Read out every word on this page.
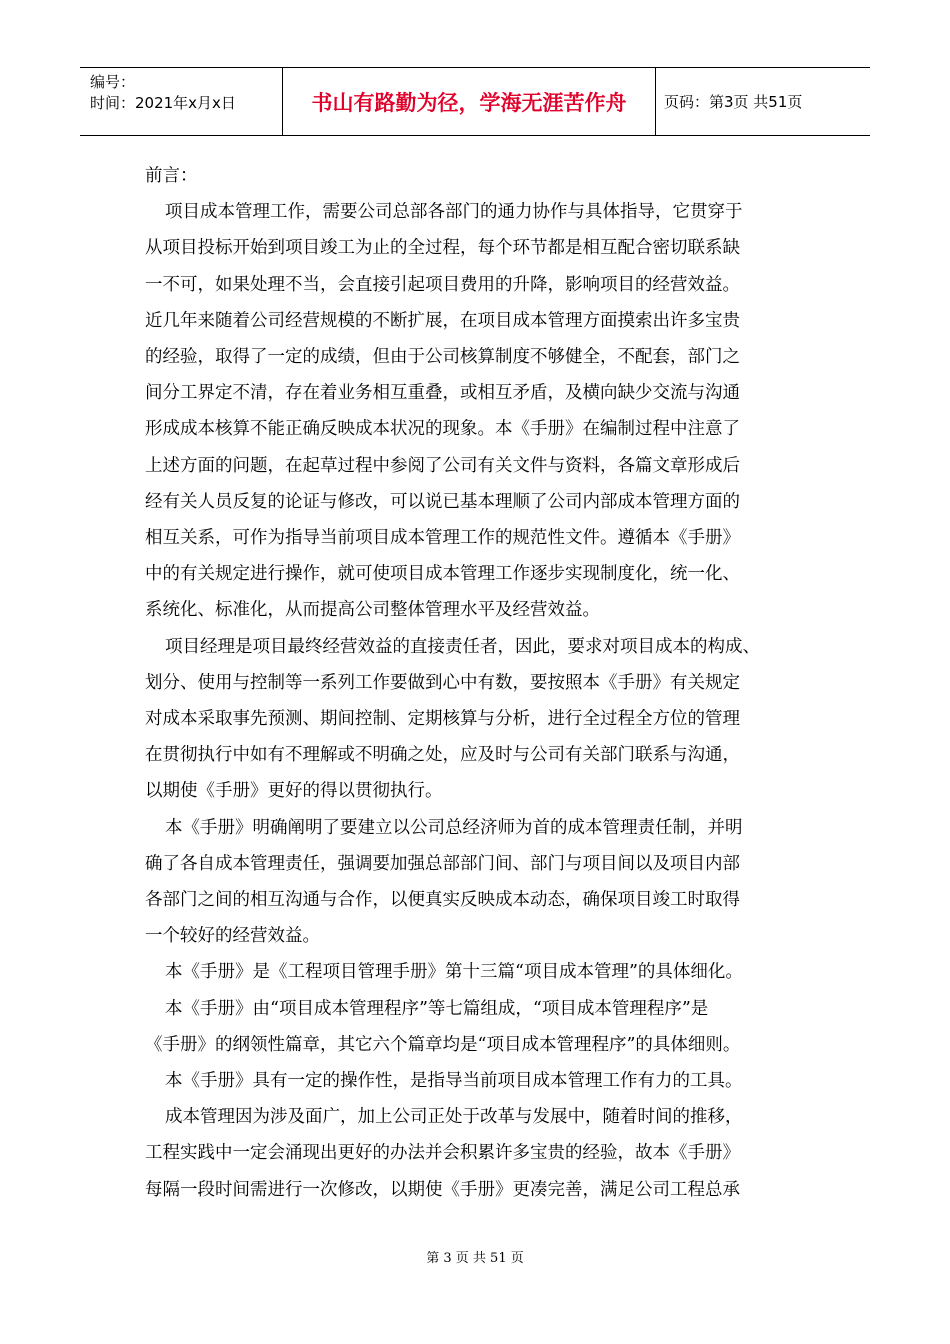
编号：
时间：2021年x月x日	书山有路勤为径，学海无涯苦作舟	页码：第3页 共51页

前言：

项目成本管理工作，需要公司总部各部门的通力协作与具体指导，它贯穿于
从项目投标开始到项目竣工为止的全过程，每个环节都是相互配合密切联系缺
一不可，如果处理不当，会直接引起项目费用的升降，影响项目的经营效益。
近几年来随着公司经营规模的不断扩展，在项目成本管理方面摸索出许多宝贵
的经验，取得了一定的成绩，但由于公司核算制度不够健全，不配套，部门之
间分工界定不清，存在着业务相互重叠，或相互矛盾，及横向缺少交流与沟通
形成成本核算不能正确反映成本状况的现象。本《手册》在编制过程中注意了
上述方面的问题，在起草过程中参阅了公司有关文件与资料，各篇文章形成后
经有关人员反复的论证与修改，可以说已基本理顺了公司内部成本管理方面的
相互关系，可作为指导当前项目成本管理工作的规范性文件。遵循本《手册》
中的有关规定进行操作，就可使项目成本管理工作逐步实现制度化，统一化、
系统化、标准化，从而提高公司整体管理水平及经营效益。

项目经理是项目最终经营效益的直接责任者，因此，要求对项目成本的构成、
划分、使用与控制等一系列工作要做到心中有数，要按照本《手册》有关规定
对成本采取事先预测、期间控制、定期核算与分析，进行全过程全方位的管理
在贯彻执行中如有不理解或不明确之处，应及时与公司有关部门联系与沟通，
以期使《手册》更好的得以贯彻执行。

本《手册》明确阐明了要建立以公司总经济师为首的成本管理责任制，并明
确了各自成本管理责任，强调要加强总部部门间、部门与项目间以及项目内部
各部门之间的相互沟通与合作，以便真实反映成本动态，确保项目竣工时取得
一个较好的经营效益。

本《手册》是《工程项目管理手册》第十三篇“项目成本管理”的具体细化。

本《手册》由“项目成本管理程序”等七篇组成，“项目成本管理程序”是
《手册》的纲领性篇章，其它六个篇章均是“项目成本管理程序”的具体细则。

本《手册》具有一定的操作性，是指导当前项目成本管理工作有力的工具。

成本管理因为涉及面广，加上公司正处于改革与发展中，随着时间的推移，
工程实践中一定会涌现出更好的办法并会积累许多宝贵的经验，故本《手册》
每隔一段时间需进行一次修改，以期使《手册》更凑完善，满足公司工程总承

第 3 页 共 51 页
